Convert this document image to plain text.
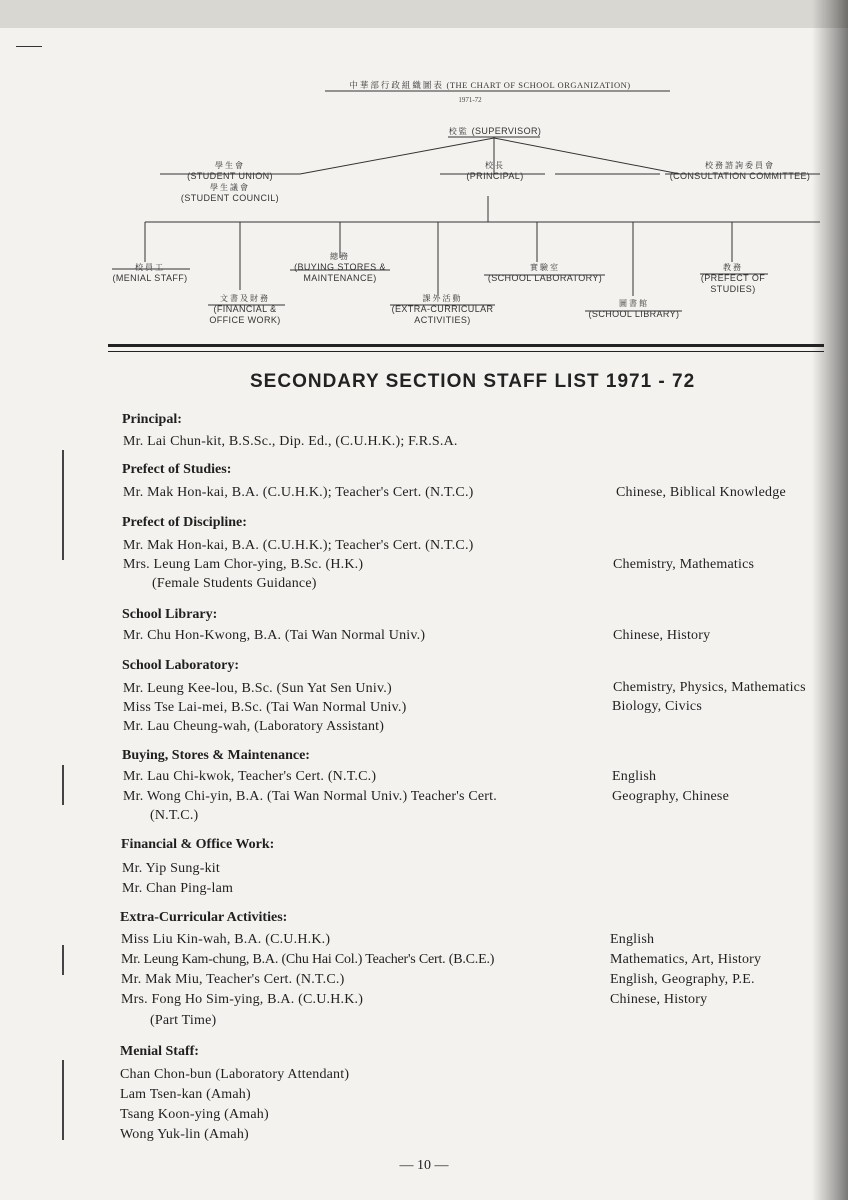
中華部行政組織圖表 (THE CHART OF SCHOOL ORGANIZATION)
1971-72
校監 (SUPERVISOR)
校長
(PRINCIPAL)
學生會
(STUDENT UNION)
學生議會
(STUDENT COUNCIL)
校務諮詢委員會
(CONSULTATION COMMITTEE)
校員工
(MENIAL STAFF)
文書及財務
(FINANCIAL &
OFFICE WORK)
總務
(BUYING STORES &
MAINTENANCE)
課外活動
(EXTRA-CURRICULAR
ACTIVITIES)
實驗室
(SCHOOL LABORATORY)
圖書館
(SCHOOL LIBRARY)
教務
(PREFECT OF
STUDIES)
SECONDARY SECTION STAFF LIST 1971 - 72
Principal:
Mr. Lai Chun-kit, B.S.Sc., Dip. Ed., (C.U.H.K.); F.R.S.A.
Prefect of Studies:
Mr. Mak Hon-kai, B.A. (C.U.H.K.); Teacher's Cert. (N.T.C.)	Chinese, Biblical Knowledge
Prefect of Discipline:
Mr. Mak Hon-kai, B.A. (C.U.H.K.); Teacher's Cert. (N.T.C.)
Mrs. Leung Lam Chor-ying, B.Sc. (H.K.)
(Female Students Guidance)
Chemistry, Mathematics
School Library:
Mr. Chu Hon-Kwong, B.A. (Tai Wan Normal Univ.)	Chinese, History
School Laboratory:
Mr. Leung Kee-lou, B.Sc. (Sun Yat Sen Univ.)
Miss Tse Lai-mei, B.Sc. (Tai Wan Normal Univ.)
Mr. Lau Cheung-wah, (Laboratory Assistant)
Chemistry, Physics, Mathematics
Biology, Civics
Buying, Stores & Maintenance:
Mr. Lau Chi-kwok, Teacher's Cert. (N.T.C.)
Mr. Wong Chi-yin, B.A. (Tai Wan Normal Univ.) Teacher's Cert.
(N.T.C.)
English
Geography, Chinese
Financial & Office Work:
Mr. Yip Sung-kit
Mr. Chan Ping-lam
Extra-Curricular Activities:
Miss Liu Kin-wah, B.A. (C.U.H.K.)
Mr. Leung Kam-chung, B.A. (Chu Hai Col.) Teacher's Cert. (B.C.E.)
Mr. Mak Miu, Teacher's Cert. (N.T.C.)
Mrs. Fong Ho Sim-ying, B.A. (C.U.H.K.)
(Part Time)
English
Mathematics, Art, History
English, Geography, P.E.
Chinese, History
Menial Staff:
Chan Chon-bun (Laboratory Attendant)
Lam Tsen-kan (Amah)
Tsang Koon-ying (Amah)
Wong Yuk-lin (Amah)
— 10 —
